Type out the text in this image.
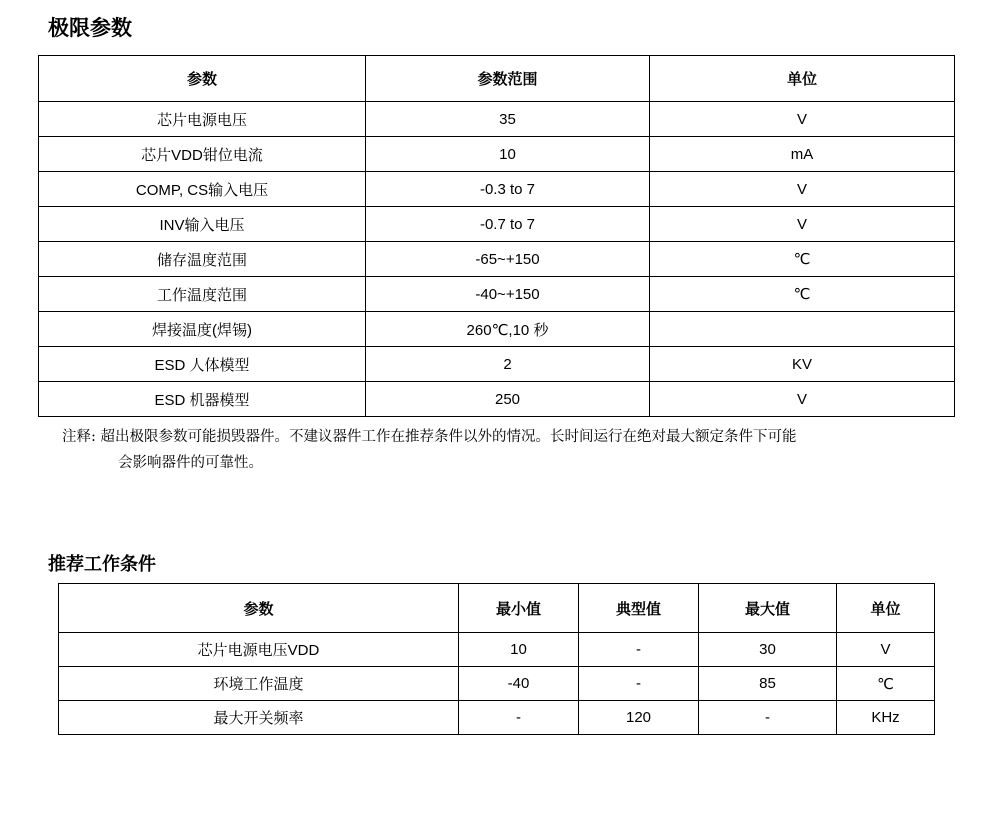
极限参数
参数	参数范围	单位
芯片电源电压	35	V
芯片VDD钳位电流	10	mA
COMP, CS输入电压	-0.3 to 7	V
INV输入电压	-0.7 to 7	V
储存温度范围	-65~+150	℃
工作温度范围	-40~+150	℃
焊接温度(焊锡)	260℃,10 秒	
ESD 人体模型	2	KV
ESD 机器模型	250	V
注释: 超出极限参数可能损毁器件。不建议器件工作在推荐条件以外的情况。长时间运行在绝对最大额定条件下可能
会影响器件的可靠性。
推荐工作条件
参数	最小值	典型值	最大值	单位
芯片电源电压VDD	10	-	30	V
环境工作温度	-40	-	85	℃
最大开关频率	-	120	-	KHz
